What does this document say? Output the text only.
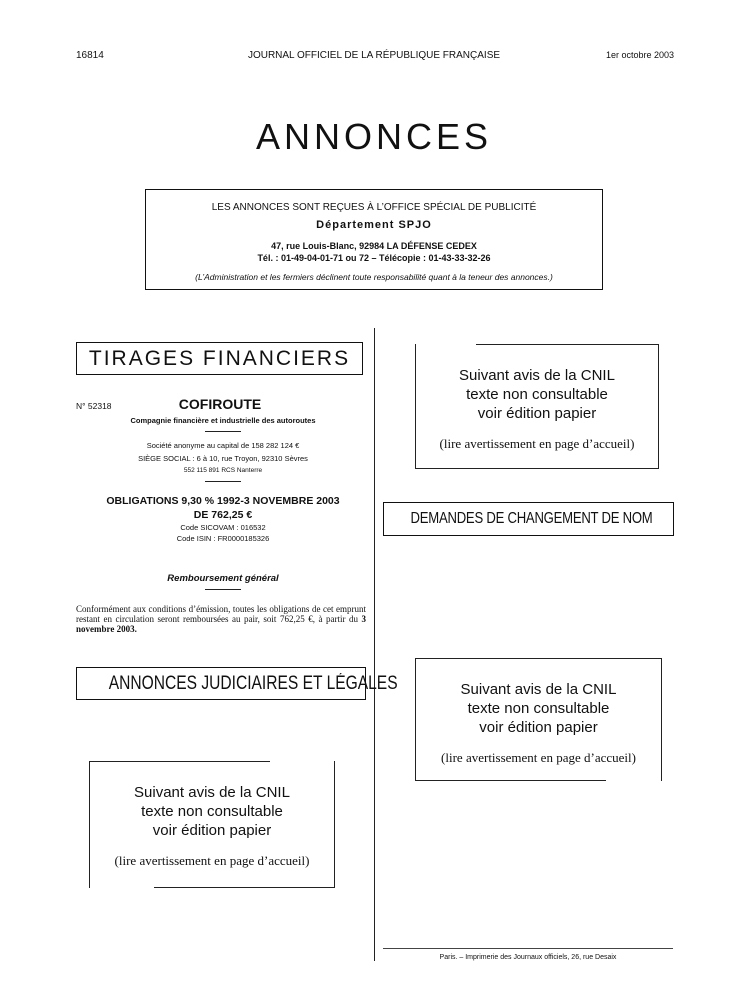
16814	JOURNAL OFFICIEL DE LA RÉPUBLIQUE FRANÇAISE	1er octobre 2003
ANNONCES
LES ANNONCES SONT REÇUES À L’OFFICE SPÉCIAL DE PUBLICITÉ
Département SPJO
47, rue Louis-Blanc, 92984 LA DÉFENSE CEDEX
Tél. : 01-49-04-01-71 ou 72 – Télécopie : 01-43-33-32-26
(L’Administration et les fermiers déclinent toute responsabilité quant à la teneur des annonces.)
TIRAGES FINANCIERS
N° 52318	COFIROUTE
Compagnie financière et industrielle des autoroutes
Société anonyme au capital de 158 282 124 €
SIÈGE SOCIAL : 6 à 10, rue Troyon, 92310 Sèvres
552 115 891 RCS Nanterre
OBLIGATIONS 9,30 % 1992-3 NOVEMBRE 2003
DE 762,25 €
Code SICOVAM : 016532
Code ISIN : FR0000185326
Remboursement général
Conformément aux conditions d’émission, toutes les obligations de cet emprunt restant en circulation seront remboursées au pair, soit 762,25 €, à partir du 3 novembre 2003.
ANNONCES JUDICIAIRES ET LÉGALES
Suivant avis de la CNIL
texte non consultable
voir édition papier
(lire avertissement en page d’accueil)
Suivant avis de la CNIL
texte non consultable
voir édition papier
(lire avertissement en page d’accueil)
DEMANDES DE CHANGEMENT DE NOM
Suivant avis de la CNIL
texte non consultable
voir édition papier
(lire avertissement en page d’accueil)
Paris. – Imprimerie des Journaux officiels, 26, rue Desaix
